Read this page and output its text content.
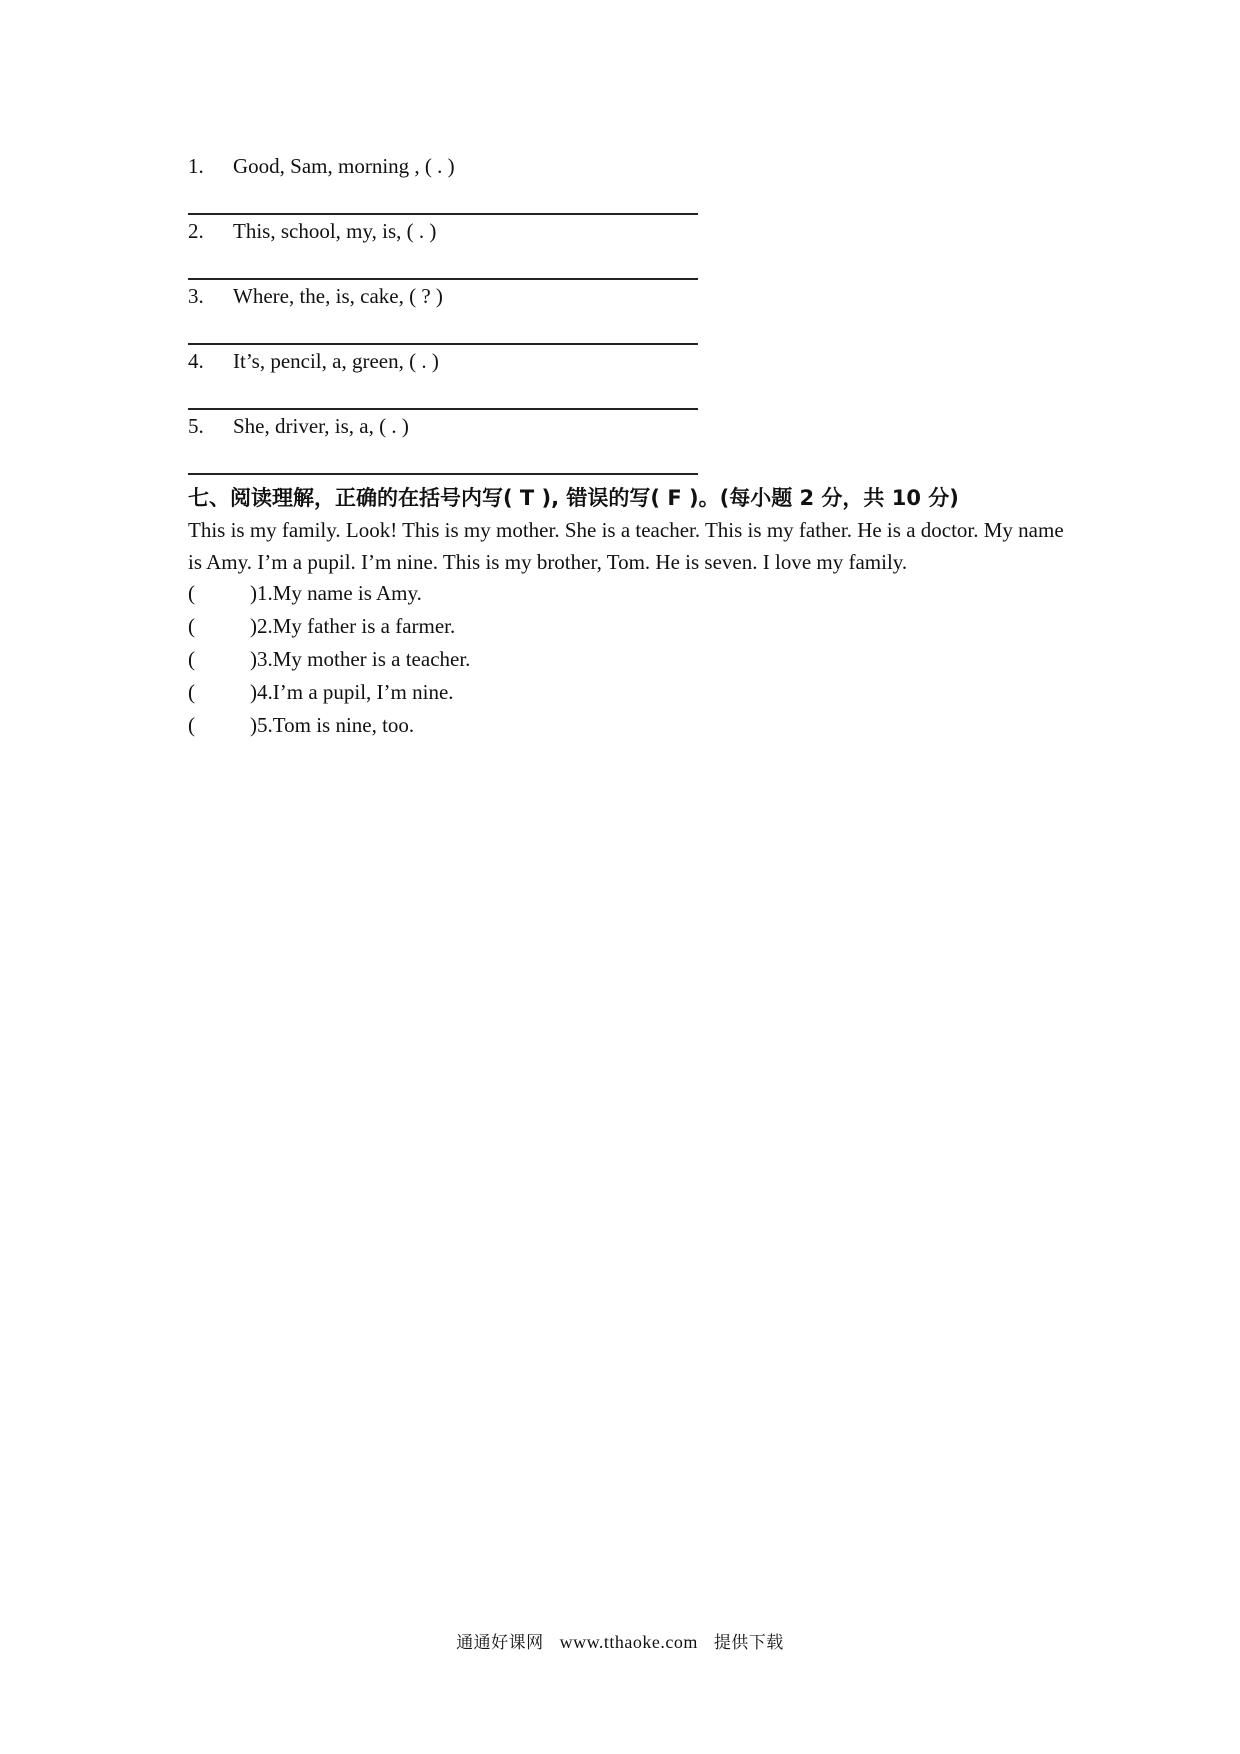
1. Good, Sam, morning , ( . )
2. This, school, my, is, ( . )
3. Where, the, is, cake, ( ? )
4. It’s, pencil, a, green, ( . )
5. She, driver, is, a, ( . )
七、阅读理解，正确的在括号内写( T ), 错误的写( F )。(每小题 2 分，共 10 分)
This is my family. Look! This is my mother. She is a teacher. This is my father. He is a doctor. My name is Amy. I’m a pupil. I’m nine. This is my brother, Tom. He is seven. I love my family.
(	)1.My name is Amy.
(	)2.My father is a farmer.
(	)3.My mother is a teacher.
(	)4.I’m a pupil, I’m nine.
(	)5.Tom is nine, too.
通通好课网 www.tthaoke.com 提供下载
